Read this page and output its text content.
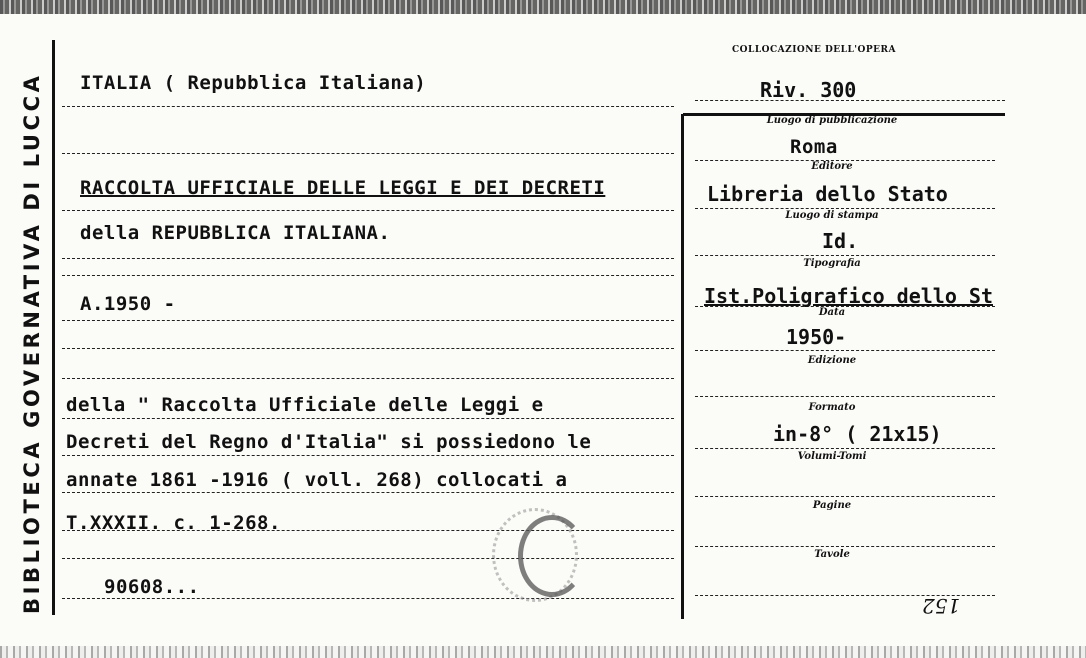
BIBLIOTECA GOVERNATIVA DI LUCCA ITALIA ( Repubblica Italiana)
RACCOLTA UFFICIALE DELLE LEGGI E DEI DECRETI
della REPUBBLICA ITALIANA.
A.1950 -
della " Raccolta Ufficiale delle Leggi e
Decreti del Regno d'Italia" si possiedono le
annate 1861 -1916 ( voll. 268) collocati a
T.XXXII. c. 1-268.
90608...
COLLOCAZIONE DELL'OPERA
Riv. 300
Luogo di pubblicazione
Roma
Editore
Libreria dello Stato
Luogo di stampa
Id.
Tipografia
Ist.Poligrafico dello St
Data
1950-
Edizione
Formato
in-8° ( 21x15)
Volumi-Tomi
Pagine
Tavole
152
